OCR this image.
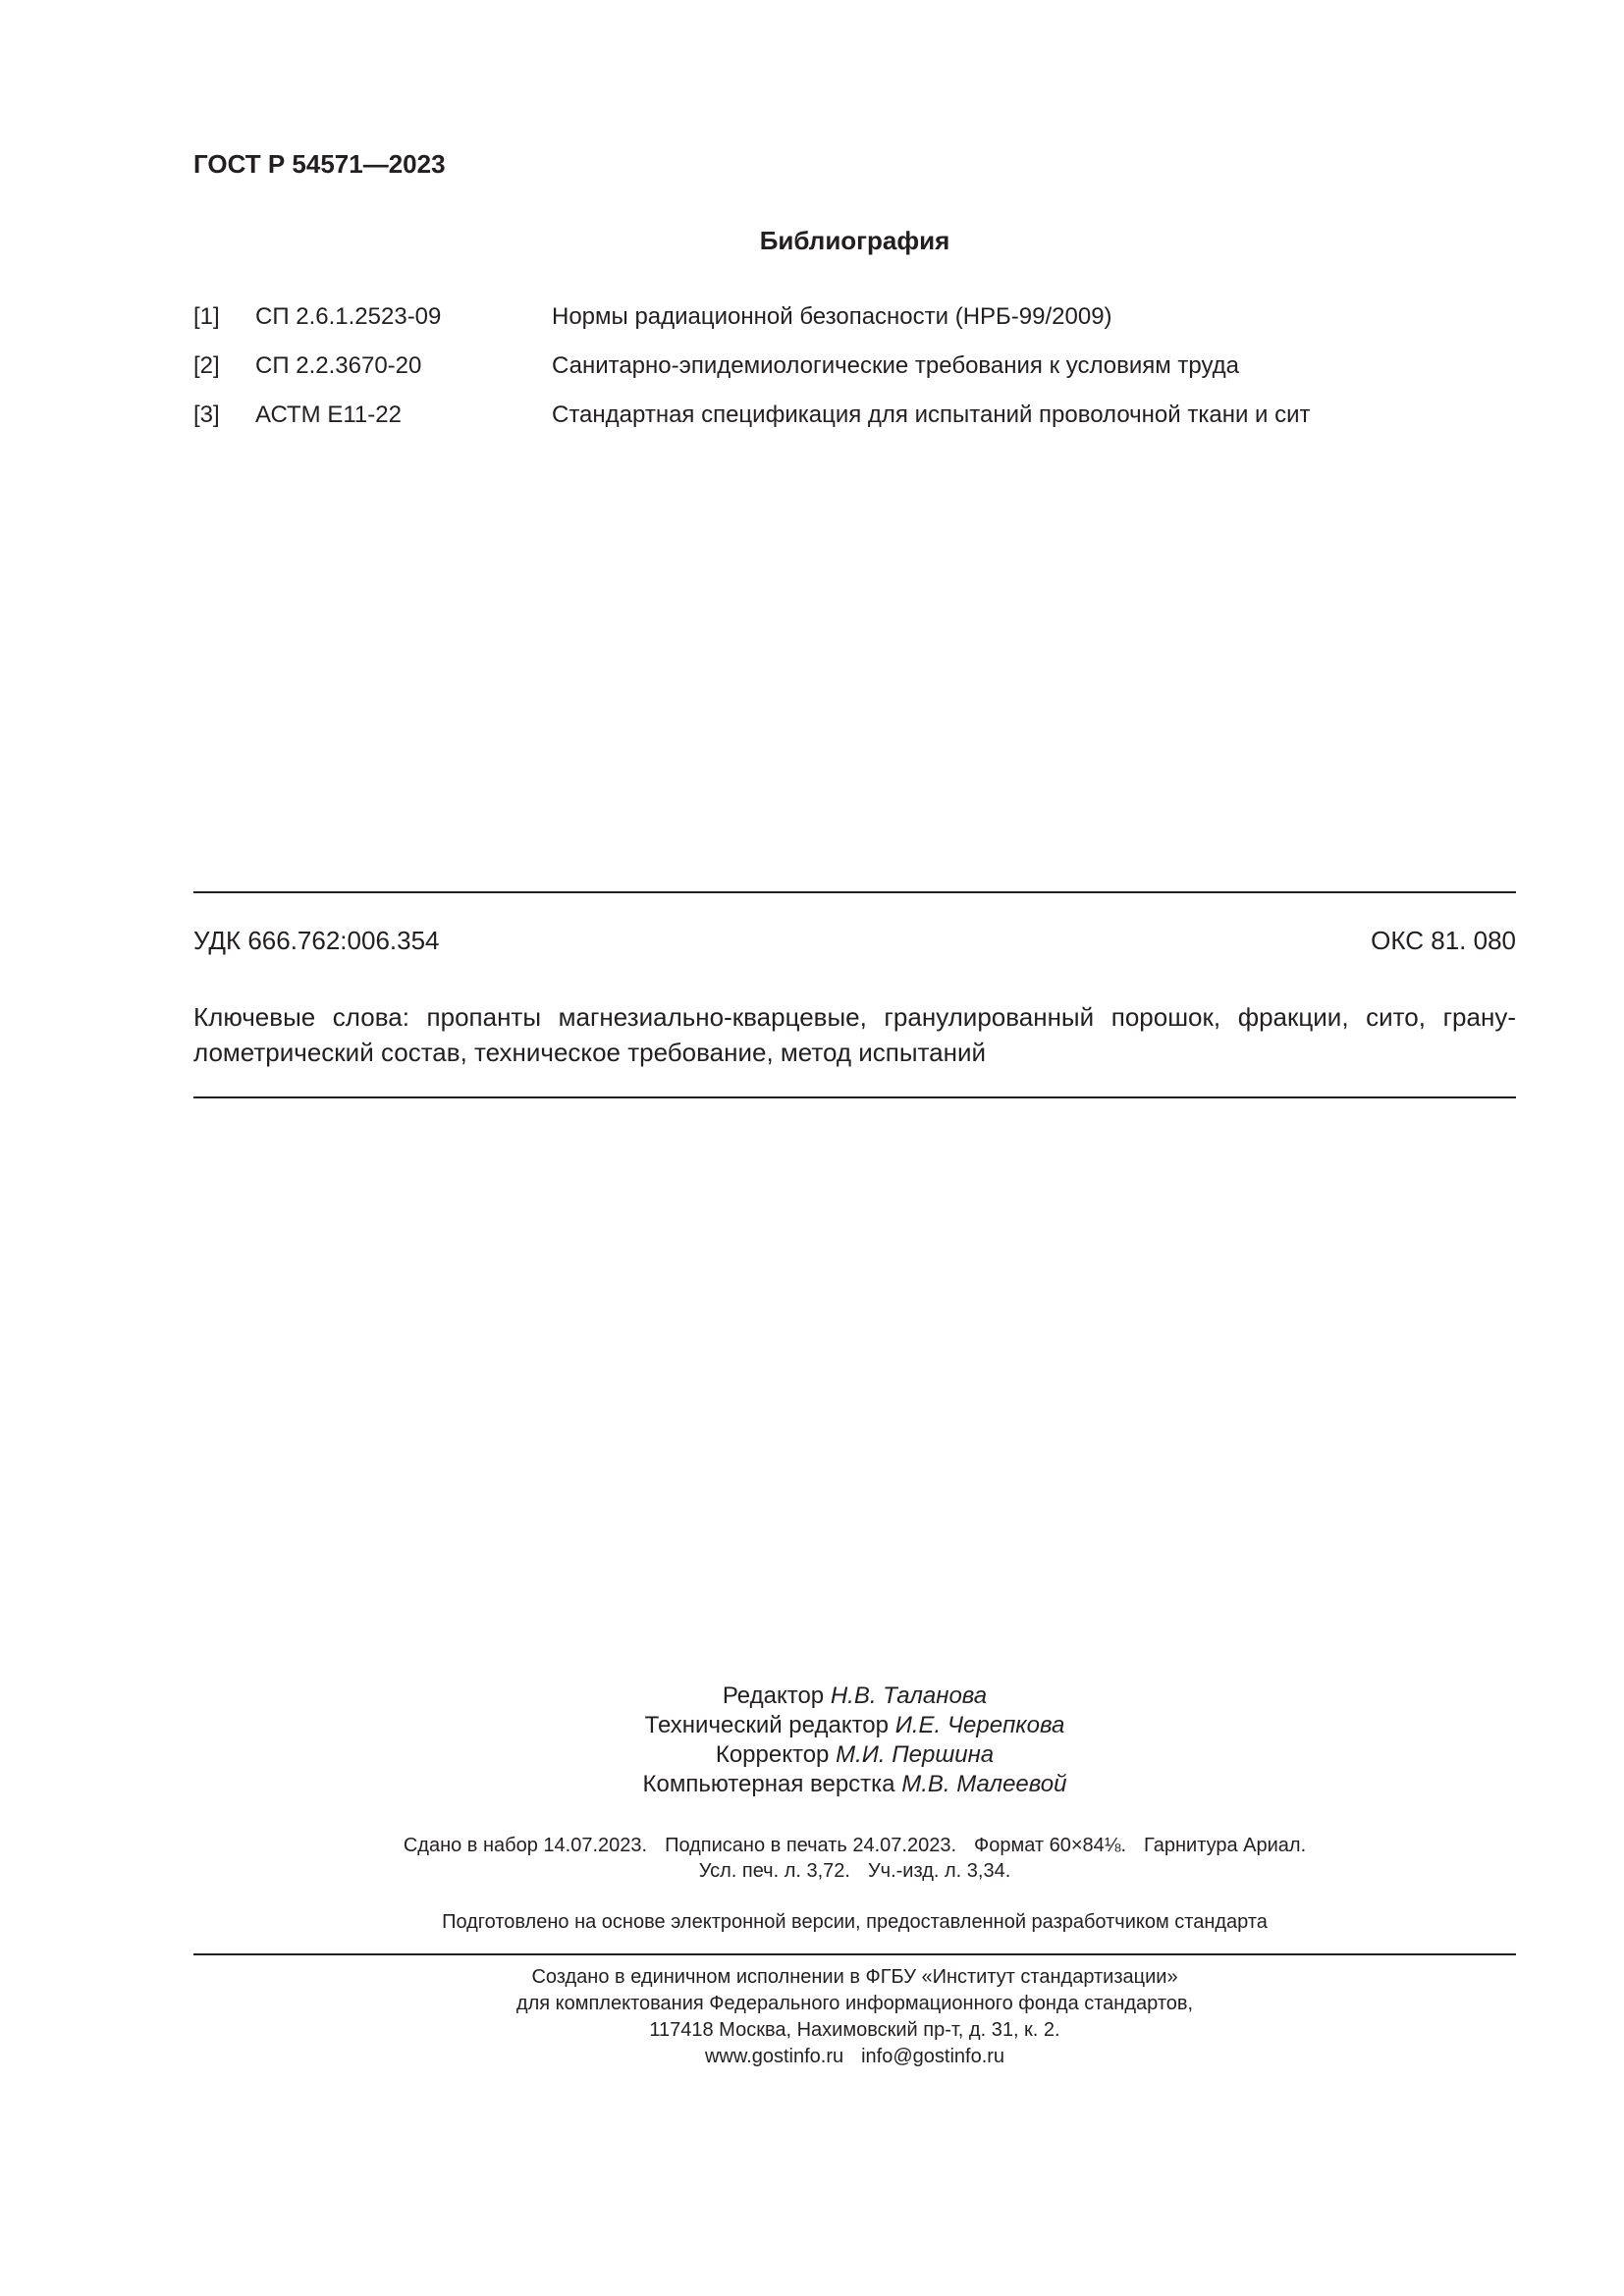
ГОСТ Р 54571—2023
Библиография
[1] СП 2.6.1.2523-09	Нормы радиационной безопасности (НРБ-99/2009)
[2] СП 2.2.3670-20	Санитарно-эпидемиологические требования к условиям труда
[3] АСТМ Е11-22	Стандартная спецификация для испытаний проволочной ткани и сит
УДК 666.762:006.354	ОКС 81. 080
Ключевые слова: пропанты магнезиально-кварцевые, гранулированный порошок, фракции, сито, грану-
лометрический состав, техническое требование, метод испытаний
Редактор Н.В. Таланова
Технический редактор И.Е. Черепкова
Корректор М.И. Першина
Компьютерная верстка М.В. Малеевой
Сдано в набор 14.07.2023. Подписано в печать 24.07.2023. Формат 60×84⅛. Гарнитура Ариал.
Усл. печ. л. 3,72. Уч.-изд. л. 3,34.
Подготовлено на основе электронной версии, предоставленной разработчиком стандарта
Создано в единичном исполнении в ФГБУ «Институт стандартизации»
для комплектования Федерального информационного фонда стандартов,
117418 Москва, Нахимовский пр-т, д. 31, к. 2.
www.gostinfo.ru info@gostinfo.ru
